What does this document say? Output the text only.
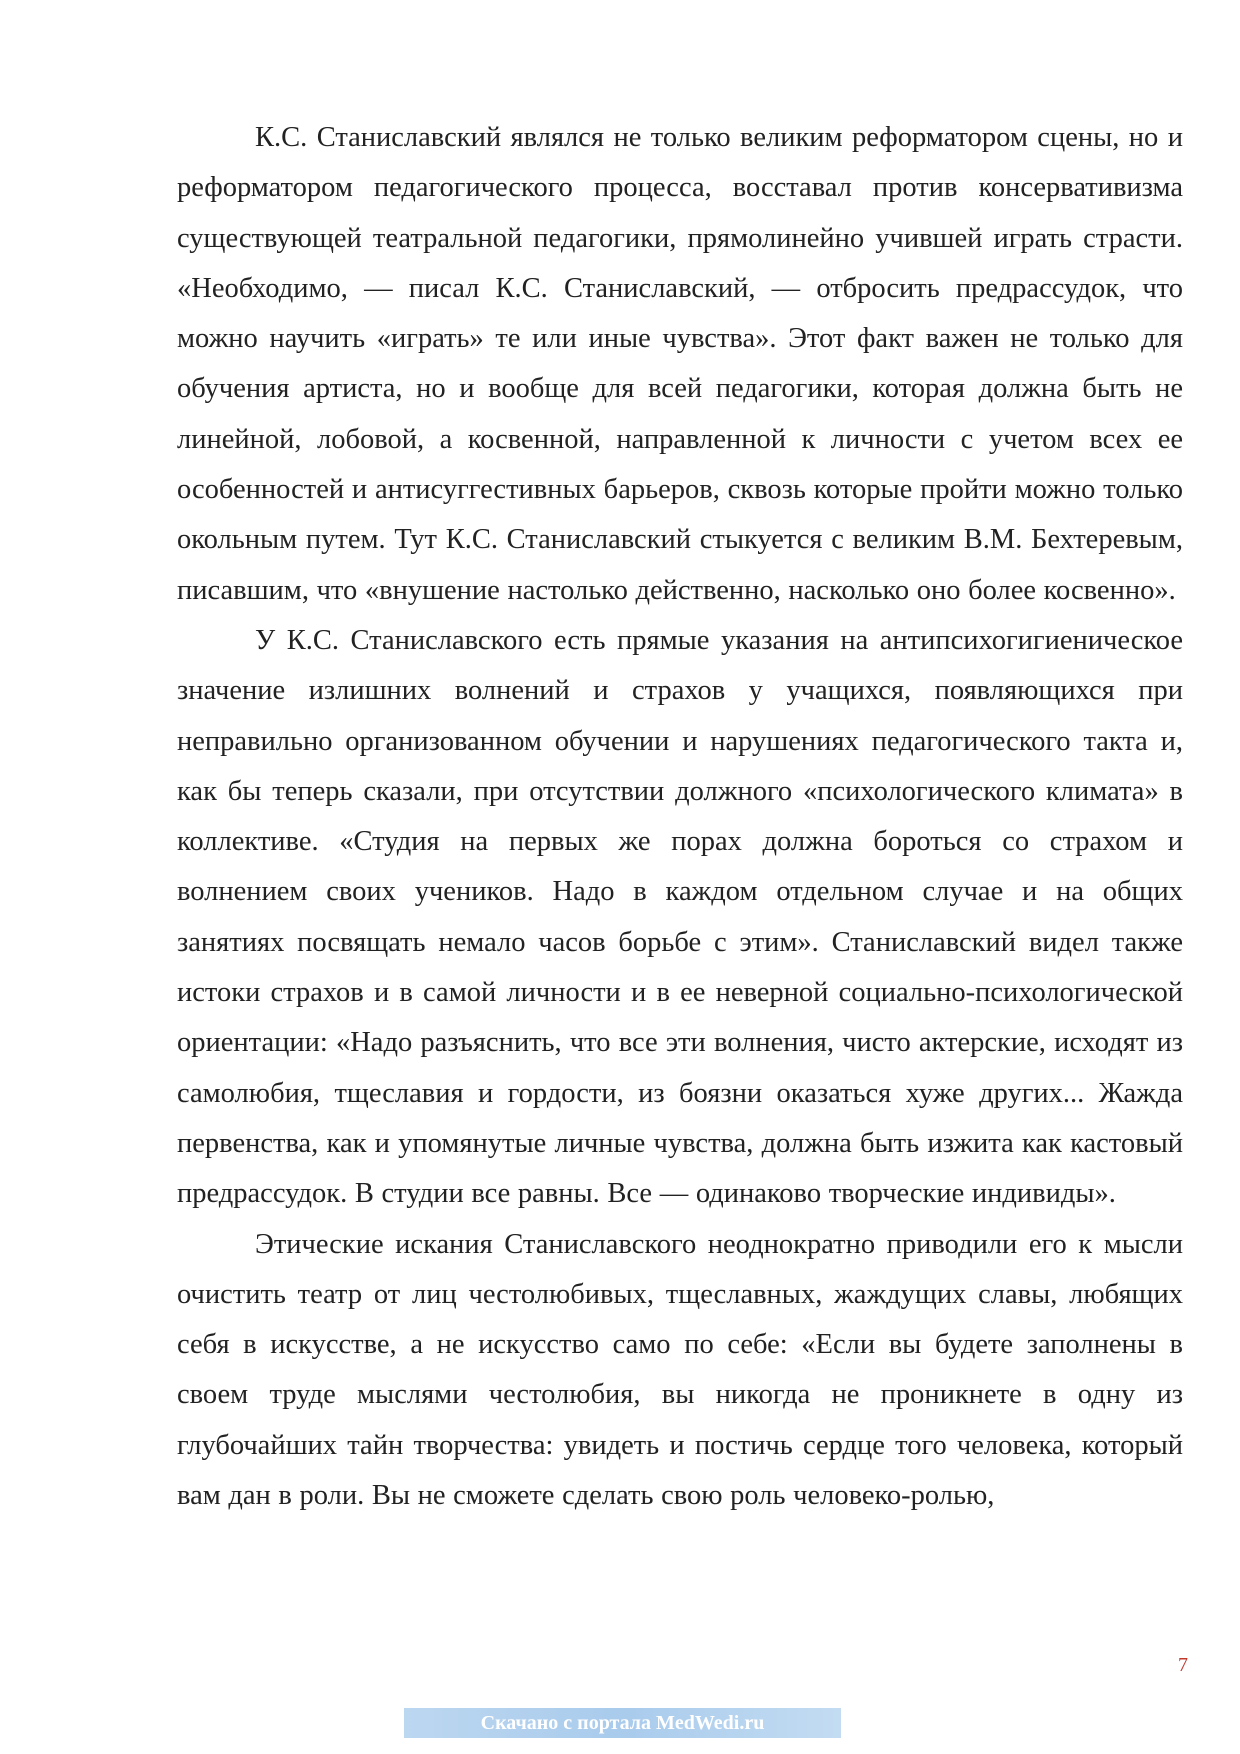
К.С. Станиславский являлся не только великим реформатором сцены, но и реформатором педагогического процесса, восставал против консервативизма существующей театральной педагогики, прямолинейно учившей играть страсти. «Необходимо, — писал К.С. Станиславский, — отбросить предрассудок, что можно научить «играть» те или иные чувства». Этот факт важен не только для обучения артиста, но и вообще для всей педагогики, которая должна быть не линейной, лобовой, а косвенной, направленной к личности с учетом всех ее особенностей и антисуггестивных барьеров, сквозь которые пройти можно только окольным путем. Тут К.С. Станиславский стыкуется с великим В.М. Бехтеревым, писавшим, что «внушение настолько действенно, насколько оно более косвенно».

У К.С. Станиславского есть прямые указания на антипсихогигиеническое значение излишних волнений и страхов у учащихся, появляющихся при неправильно организованном обучении и нарушениях педагогического такта и, как бы теперь сказали, при отсутствии должного «психологического климата» в коллективе. «Студия на первых же порах должна бороться со страхом и волнением своих учеников. Надо в каждом отдельном случае и на общих занятиях посвящать немало часов борьбе с этим». Станиславский видел также истоки страхов и в самой личности и в ее неверной социально-психологической ориентации: «Надо разъяснить, что все эти волнения, чисто актерские, исходят из самолюбия, тщеславия и гордости, из боязни оказаться хуже других... Жажда первенства, как и упомянутые личные чувства, должна быть изжита как кастовый предрассудок. В студии все равны. Все — одинаково творческие индивиды».

Этические искания Станиславского неоднократно приводили его к мысли очистить театр от лиц честолюбивых, тщеславных, жаждущих славы, любящих себя в искусстве, а не искусство само по себе: «Если вы будете заполнены в своем труде мыслями честолюбия, вы никогда не проникнете в одну из глубочайших тайн творчества: увидеть и постичь сердце того человека, который вам дан в роли. Вы не сможете сделать свою роль человеко-ролью,

7

Скачано с портала MedWedi.ru
